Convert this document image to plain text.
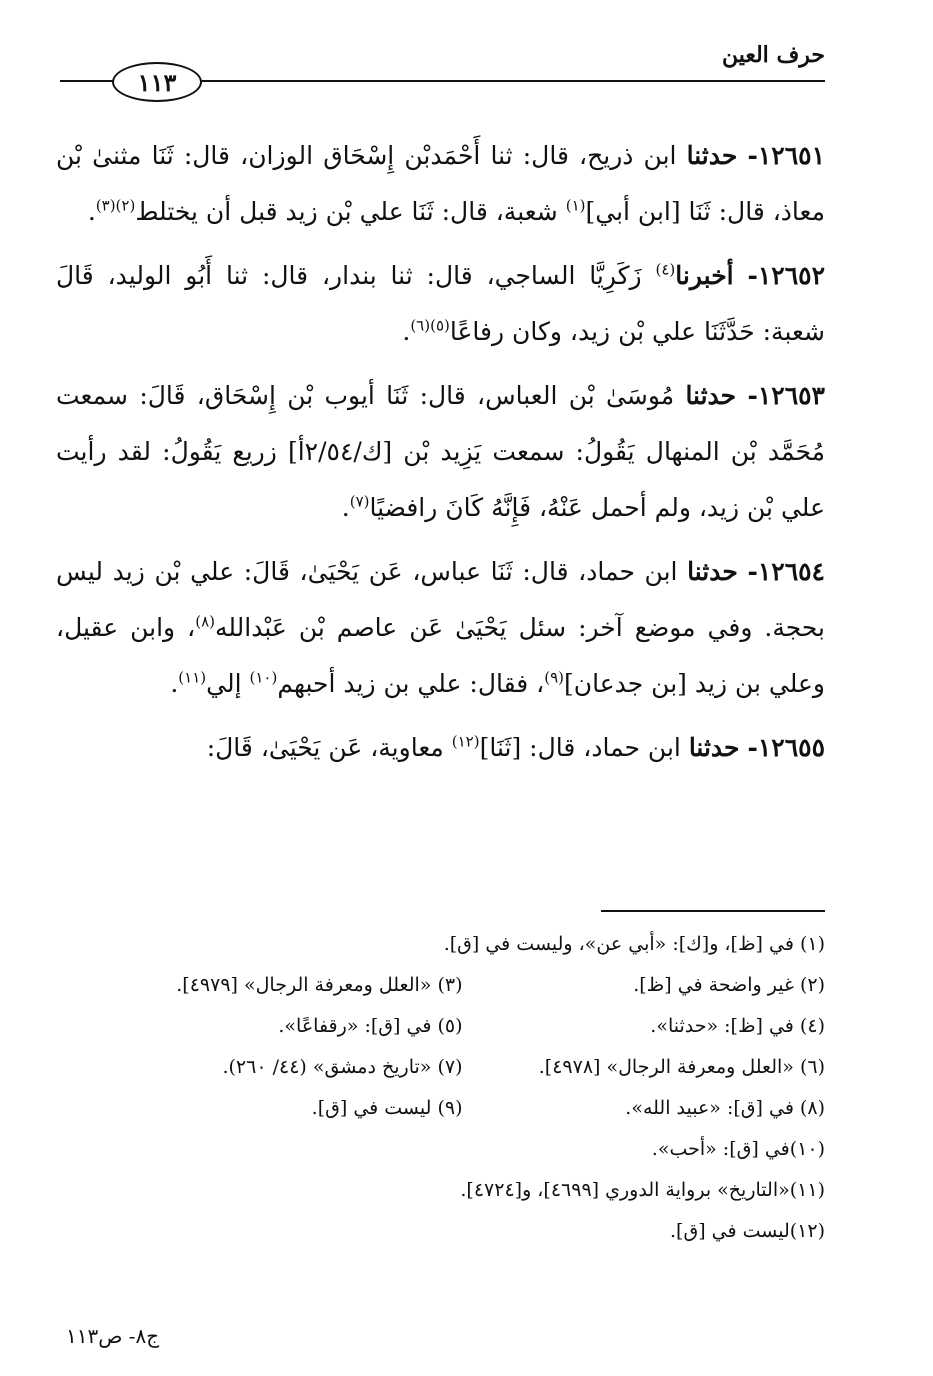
حرف العين
١١٣

١٢٦٥١- حدثنا ابن ذريح، قال: ثنا أَحْمَدبْن إِسْحَاق الوزان، قال: ثَنَا مثنىٰ بْن معاذ، قال: ثَنَا [ابن أبي]$^{(١)}$ شعبة، قال: ثَنَا علي بْن زيد قبل أن يختلط$^{(٢)(٣)}$.

١٢٦٥٢- أخبرنا$^{(٤)}$ زَكَرِيَّا الساجي، قال: ثنا بندار، قال: ثنا أَبُو الوليد، قَالَ شعبة: حَدَّثَنَا علي بْن زيد، وكان رفاعًا$^{(٥)(٦)}$.

١٢٦٥٣- حدثنا مُوسَىٰ بْن العباس، قال: ثَنَا أيوب بْن إِسْحَاق، قَالَ: سمعت مُحَمَّد بْن المنهال يَقُولُ: سمعت يَزِيد بْن [ك/٢/٥٤أ] زريع يَقُولُ: لقد رأيت علي بْن زيد، ولم أحمل عَنْهُ، فَإِنَّهُ كَانَ رافضيًا$^{(٧)}$.

١٢٦٥٤- حدثنا ابن حماد، قال: ثَنَا عباس، عَن يَحْيَىٰ، قَالَ: علي بْن زيد ليس بحجة. وفي موضع آخر: سئل يَحْيَىٰ عَن عاصم بْن عَبْدالله$^{(٨)}$، وابن عقيل، وعلي بن زيد [بن جدعان]$^{(٩)}$، فقال: علي بن زيد أحبهم$^{(١٠)}$ إلي$^{(١١)}$.

١٢٦٥٥- حدثنا ابن حماد، قال: [ثَنَا]$^{(١٢)}$ معاوية، عَن يَحْيَىٰ، قَالَ:

(١) في [ظ]، و[ك]: «أبي عن»، وليست في [ق].
(٢) غير واضحة في [ظ].
(٣) «العلل ومعرفة الرجال» [٤٩٧٩].
(٤) في [ظ]: «حدثنا».
(٥) في [ق]: «رقفاعًا».
(٦) «العلل ومعرفة الرجال» [٤٩٧٨].
(٧) «تاريخ دمشق» (٤٤/ ٢٦٠).
(٨) في [ق]: «عبيد الله».
(٩) ليست في [ق].
(١٠)في [ق]: «أحب».
(١١)«التاريخ» برواية الدوري [٤٦٩٩]، و[٤٧٢٤].
(١٢)ليست في [ق].
ج٨- ص١١٣
